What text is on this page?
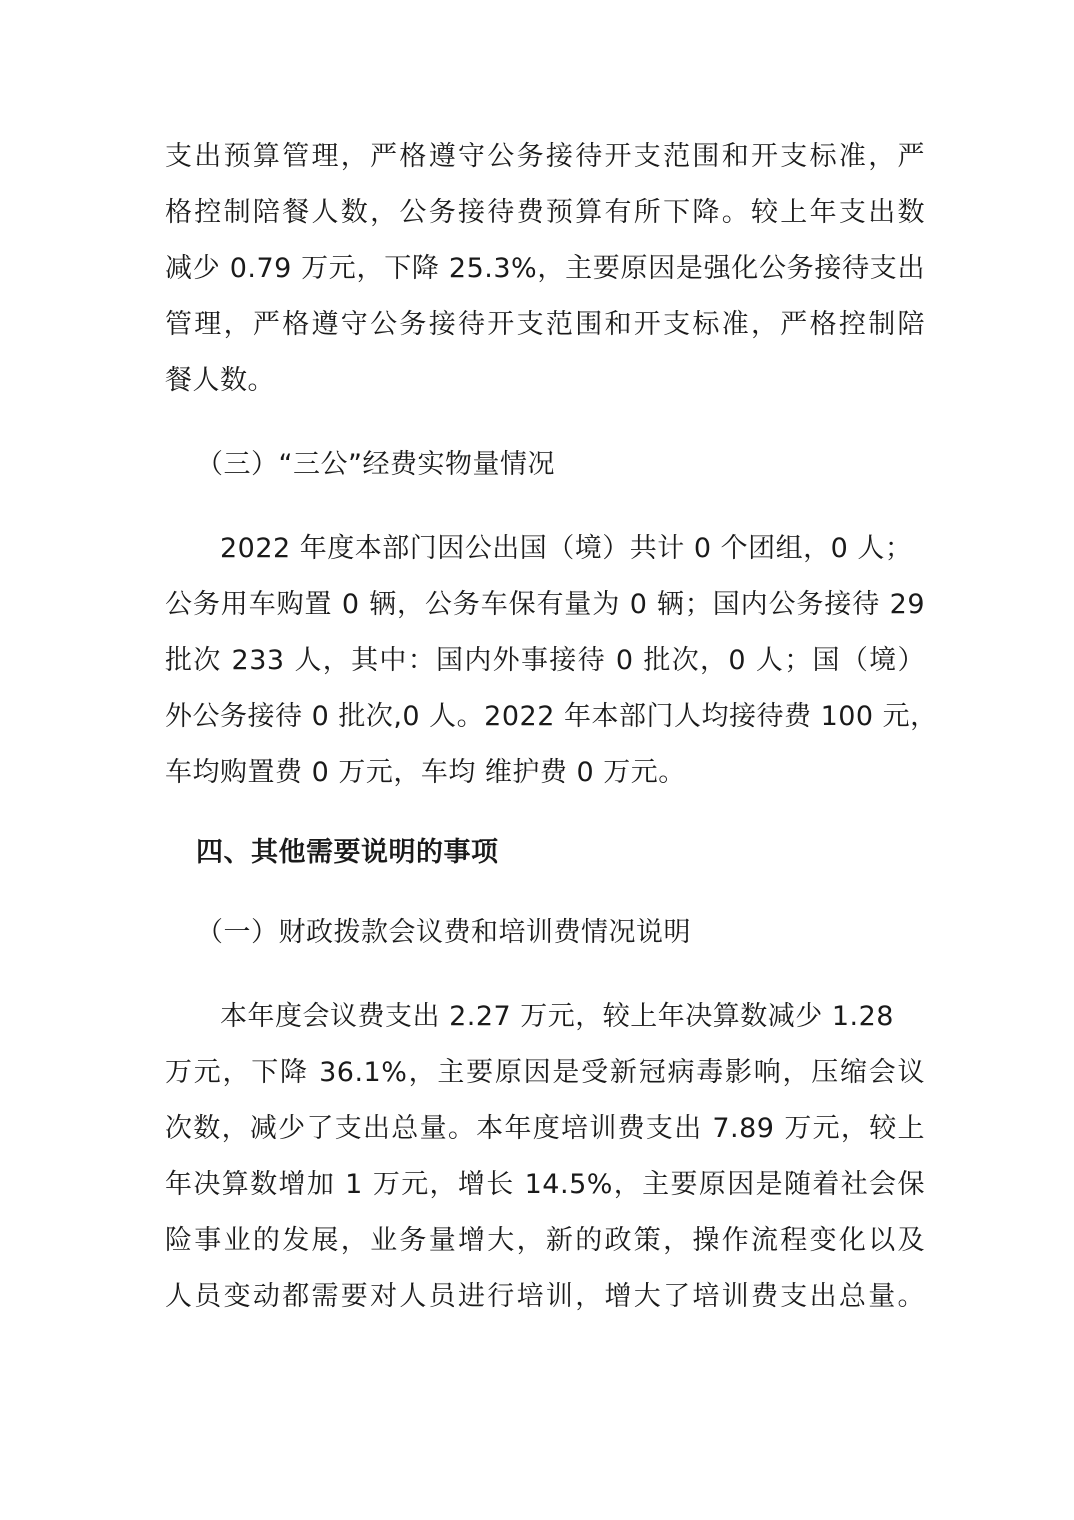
支出预算管理，严格遵守公务接待开支范围和开支标准，严
格控制陪餐人数，公务接待费预算有所下降。较上年支出数
减少 0.79 万元，下降 25.3%，主要原因是强化公务接待支出
管理，严格遵守公务接待开支范围和开支标准，严格控制陪
餐人数。
（三）“三公”经费实物量情况
2022 年度本部门因公出国（境）共计 0 个团组，0 人；
公务用车购置 0 辆，公务车保有量为 0 辆；国内公务接待 29
批次 233 人，其中：国内外事接待 0 批次，0 人；国（境）
外公务接待 0 批次,0 人。2022 年本部门人均接待费 100 元，
车均购置费 0 万元，车均 维护费 0 万元。
四、其他需要说明的事项
（一）财政拨款会议费和培训费情况说明
本年度会议费支出 2.27 万元，较上年决算数减少 1.28
万元，下降 36.1%，主要原因是受新冠病毒影响，压缩会议
次数，减少了支出总量。本年度培训费支出 7.89 万元，较上
年决算数增加 1 万元，增长 14.5%，主要原因是随着社会保
险事业的发展，业务量增大，新的政策，操作流程变化以及
人员变动都需要对人员进行培训，增大了培训费支出总量。
